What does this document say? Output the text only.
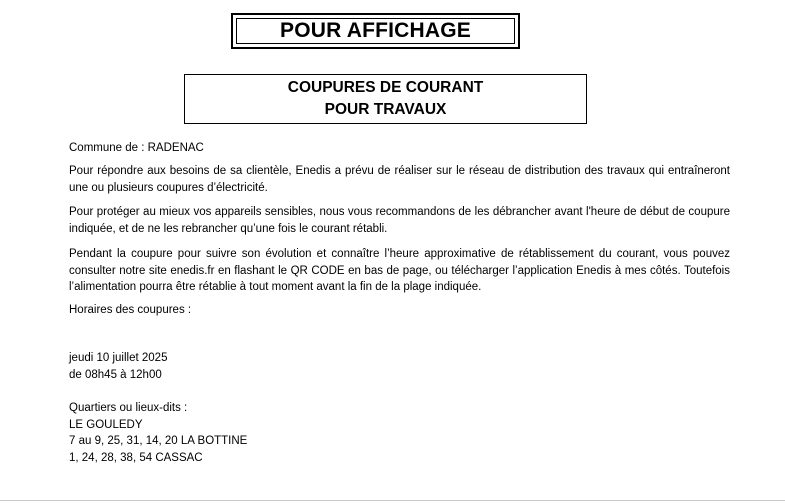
POUR AFFICHAGE
COUPURES DE COURANT
POUR TRAVAUX
Commune de : RADENAC

Pour répondre aux besoins de sa clientèle, Enedis a prévu de réaliser sur le réseau de distribution des travaux qui entraîneront une ou plusieurs coupures d’électricité.

Pour protéger au mieux vos appareils sensibles, nous vous recommandons de les débrancher avant l'heure de début de coupure indiquée, et de ne les rebrancher qu’une fois le courant rétabli.

Pendant la coupure pour suivre son évolution et connaître l’heure approximative de rétablissement du courant, vous pouvez consulter notre site enedis.fr en flashant le QR CODE en bas de page, ou télécharger l’application Enedis à mes côtés. Toutefois l’alimentation pourra être rétablie à tout moment avant la fin de la plage indiquée.

Horaires des coupures :
jeudi 10 juillet 2025
de 08h45 à 12h00
Quartiers ou lieux-dits :
LE GOULEDY
7 au 9, 25, 31, 14, 20 LA BOTTINE
1, 24, 28, 38, 54 CASSAC
